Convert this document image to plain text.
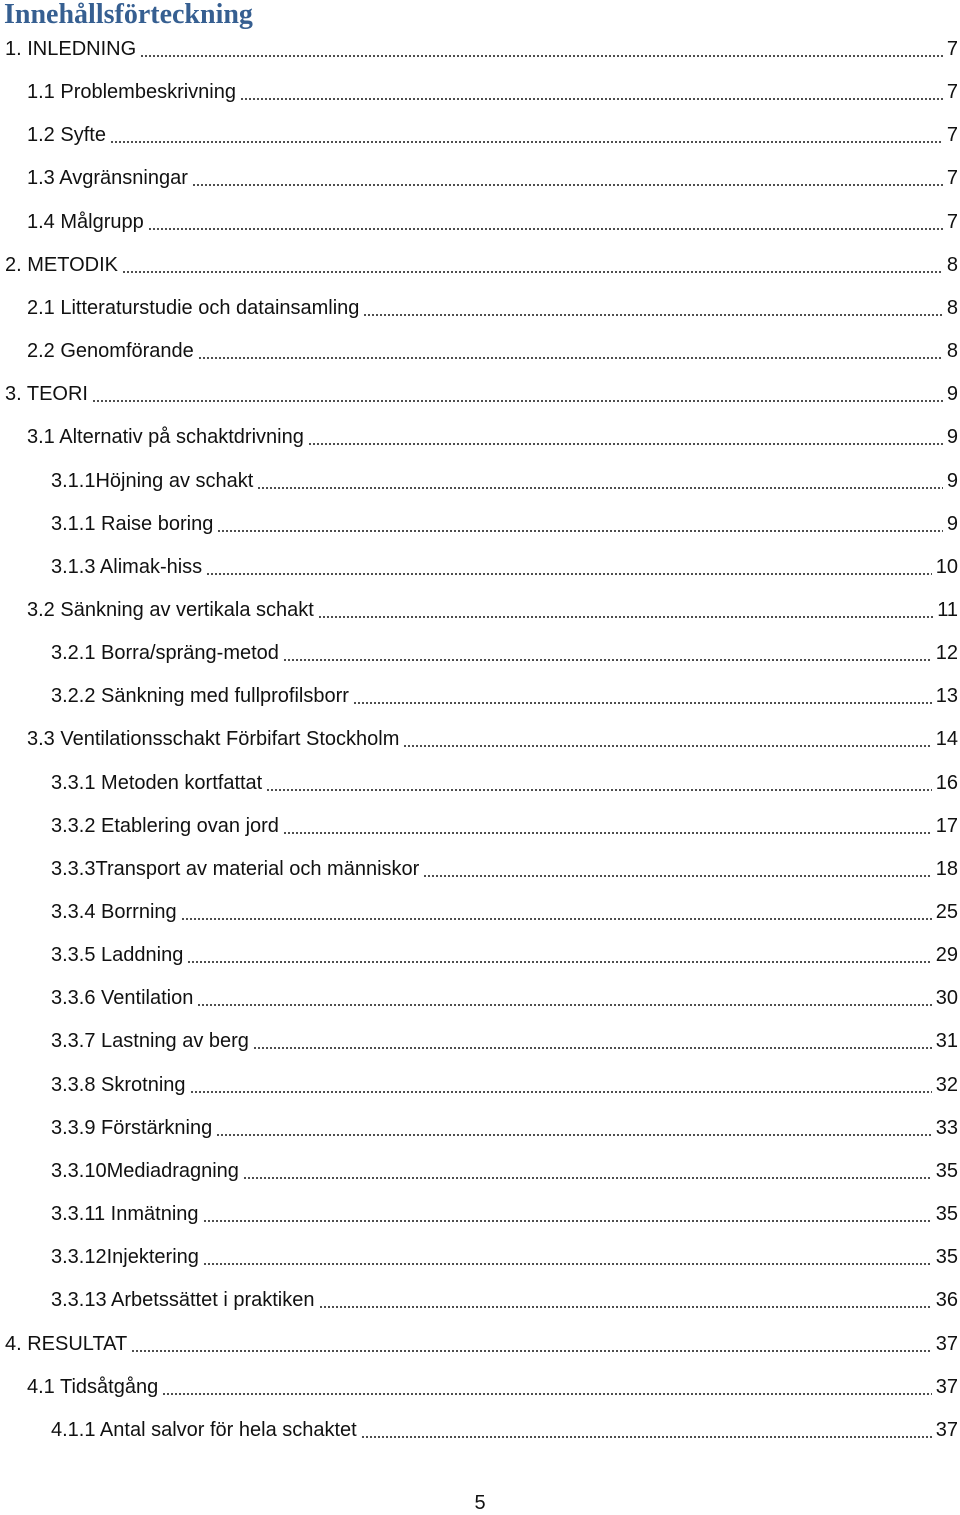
Innehållsförteckning
1. INLEDNING	7
1.1 Problembeskrivning	7
1.2 Syfte	7
1.3 Avgränsningar	7
1.4 Målgrupp	7
2. METODIK	8
2.1 Litteraturstudie och datainsamling	8
2.2 Genomförande	8
3. TEORI	9
3.1 Alternativ på schaktdrivning	9
3.1.1Höjning av schakt	9
3.1.1 Raise boring	9
3.1.3 Alimak-hiss	10
3.2 Sänkning av vertikala schakt	11
3.2.1 Borra/spräng-metod	12
3.2.2 Sänkning med fullprofilsborr	13
3.3 Ventilationsschakt Förbifart Stockholm	14
3.3.1 Metoden kortfattat	16
3.3.2 Etablering ovan jord	17
3.3.3Transport av material och människor	18
3.3.4 Borrning	25
3.3.5 Laddning	29
3.3.6 Ventilation	30
3.3.7 Lastning av berg	31
3.3.8 Skrotning	32
3.3.9 Förstärkning	33
3.3.10Mediadragning	35
3.3.11 Inmätning	35
3.3.12Injektering	35
3.3.13 Arbetssättet i praktiken	36
4. RESULTAT	37
4.1 Tidsåtgång	37
4.1.1 Antal salvor för hela schaktet	37
5
